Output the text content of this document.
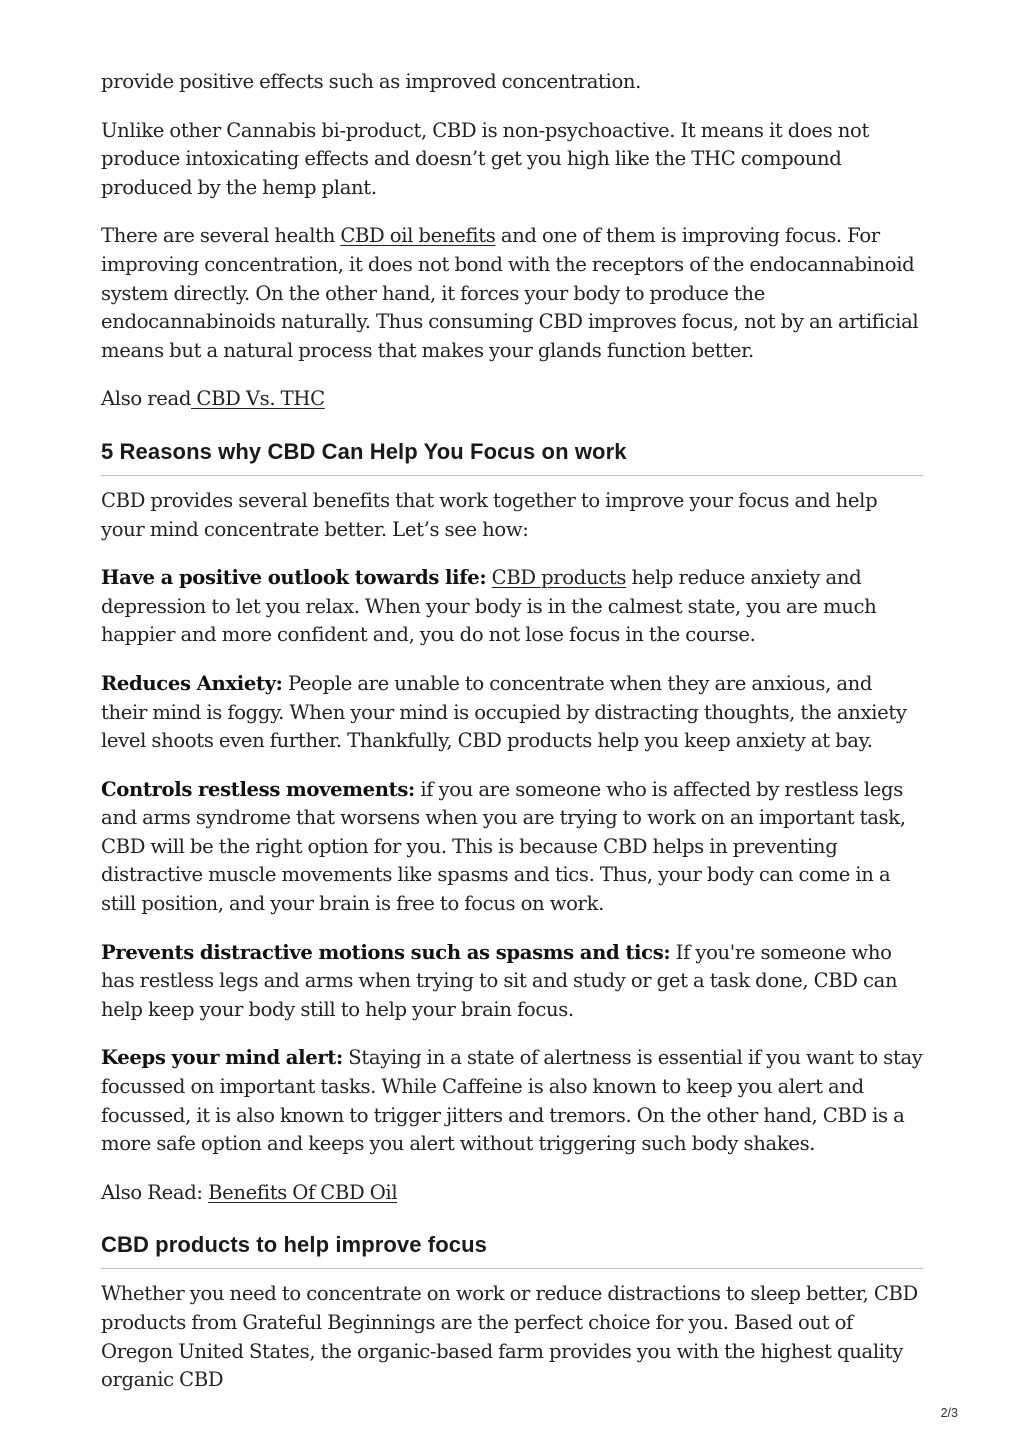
provide positive effects such as improved concentration.

Unlike other Cannabis bi-product, CBD is non-psychoactive. It means it does not produce intoxicating effects and doesn’t get you high like the THC compound produced by the hemp plant.

There are several health CBD oil benefits and one of them is improving focus. For improving concentration, it does not bond with the receptors of the endocannabinoid system directly. On the other hand, it forces your body to produce the endocannabinoids naturally. Thus consuming CBD improves focus, not by an artificial means but a natural process that makes your glands function better.

Also read CBD Vs. THC

5 Reasons why CBD Can Help You Focus on work

CBD provides several benefits that work together to improve your focus and help your mind concentrate better. Let’s see how:

Have a positive outlook towards life: CBD products help reduce anxiety and depression to let you relax. When your body is in the calmest state, you are much happier and more confident and, you do not lose focus in the course.

Reduces Anxiety: People are unable to concentrate when they are anxious, and their mind is foggy. When your mind is occupied by distracting thoughts, the anxiety level shoots even further. Thankfully, CBD products help you keep anxiety at bay.

Controls restless movements: if you are someone who is affected by restless legs and arms syndrome that worsens when you are trying to work on an important task, CBD will be the right option for you. This is because CBD helps in preventing distractive muscle movements like spasms and tics. Thus, your body can come in a still position, and your brain is free to focus on work.

Prevents distractive motions such as spasms and tics: If you're someone who has restless legs and arms when trying to sit and study or get a task done, CBD can help keep your body still to help your brain focus.

Keeps your mind alert: Staying in a state of alertness is essential if you want to stay focussed on important tasks. While Caffeine is also known to keep you alert and focussed, it is also known to trigger jitters and tremors. On the other hand, CBD is a more safe option and keeps you alert without triggering such body shakes.

Also Read: Benefits Of CBD Oil

CBD products to help improve focus

Whether you need to concentrate on work or reduce distractions to sleep better, CBD products from Grateful Beginnings are the perfect choice for you. Based out of Oregon United States, the organic-based farm provides you with the highest quality organic CBD

2/3
